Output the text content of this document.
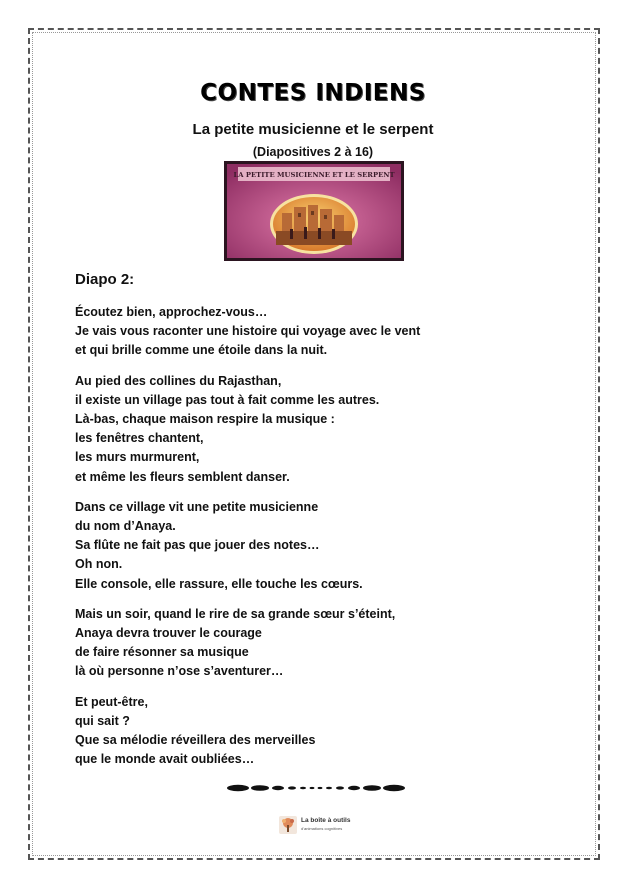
CONTES INDIENS
La petite musicienne et le serpent
(Diapositives 2 à 16)
LA PETITE MUSICIENNE ET LE SERPENT
Diapo 2:
Écoutez bien, approchez-vous…
Je vais vous raconter une histoire qui voyage avec le vent
et qui brille comme une étoile dans la nuit.
Au pied des collines du Rajasthan,
il existe un village pas tout à fait comme les autres.
Là-bas, chaque maison respire la musique :
les fenêtres chantent,
les murs murmurent,
et même les fleurs semblent danser.
Dans ce village vit une petite musicienne
du nom d’Anaya.
Sa flûte ne fait pas que jouer des notes…
Oh non.
Elle console, elle rassure, elle touche les cœurs.
Mais un soir, quand le rire de sa grande sœur s’éteint,
Anaya devra trouver le courage
de faire résonner sa musique
là où personne n’ose s’aventurer…
Et peut-être,
qui sait ?
Que sa mélodie réveillera des merveilles
que le monde avait oubliées…
La boîte à outils
d'animations cognitives
